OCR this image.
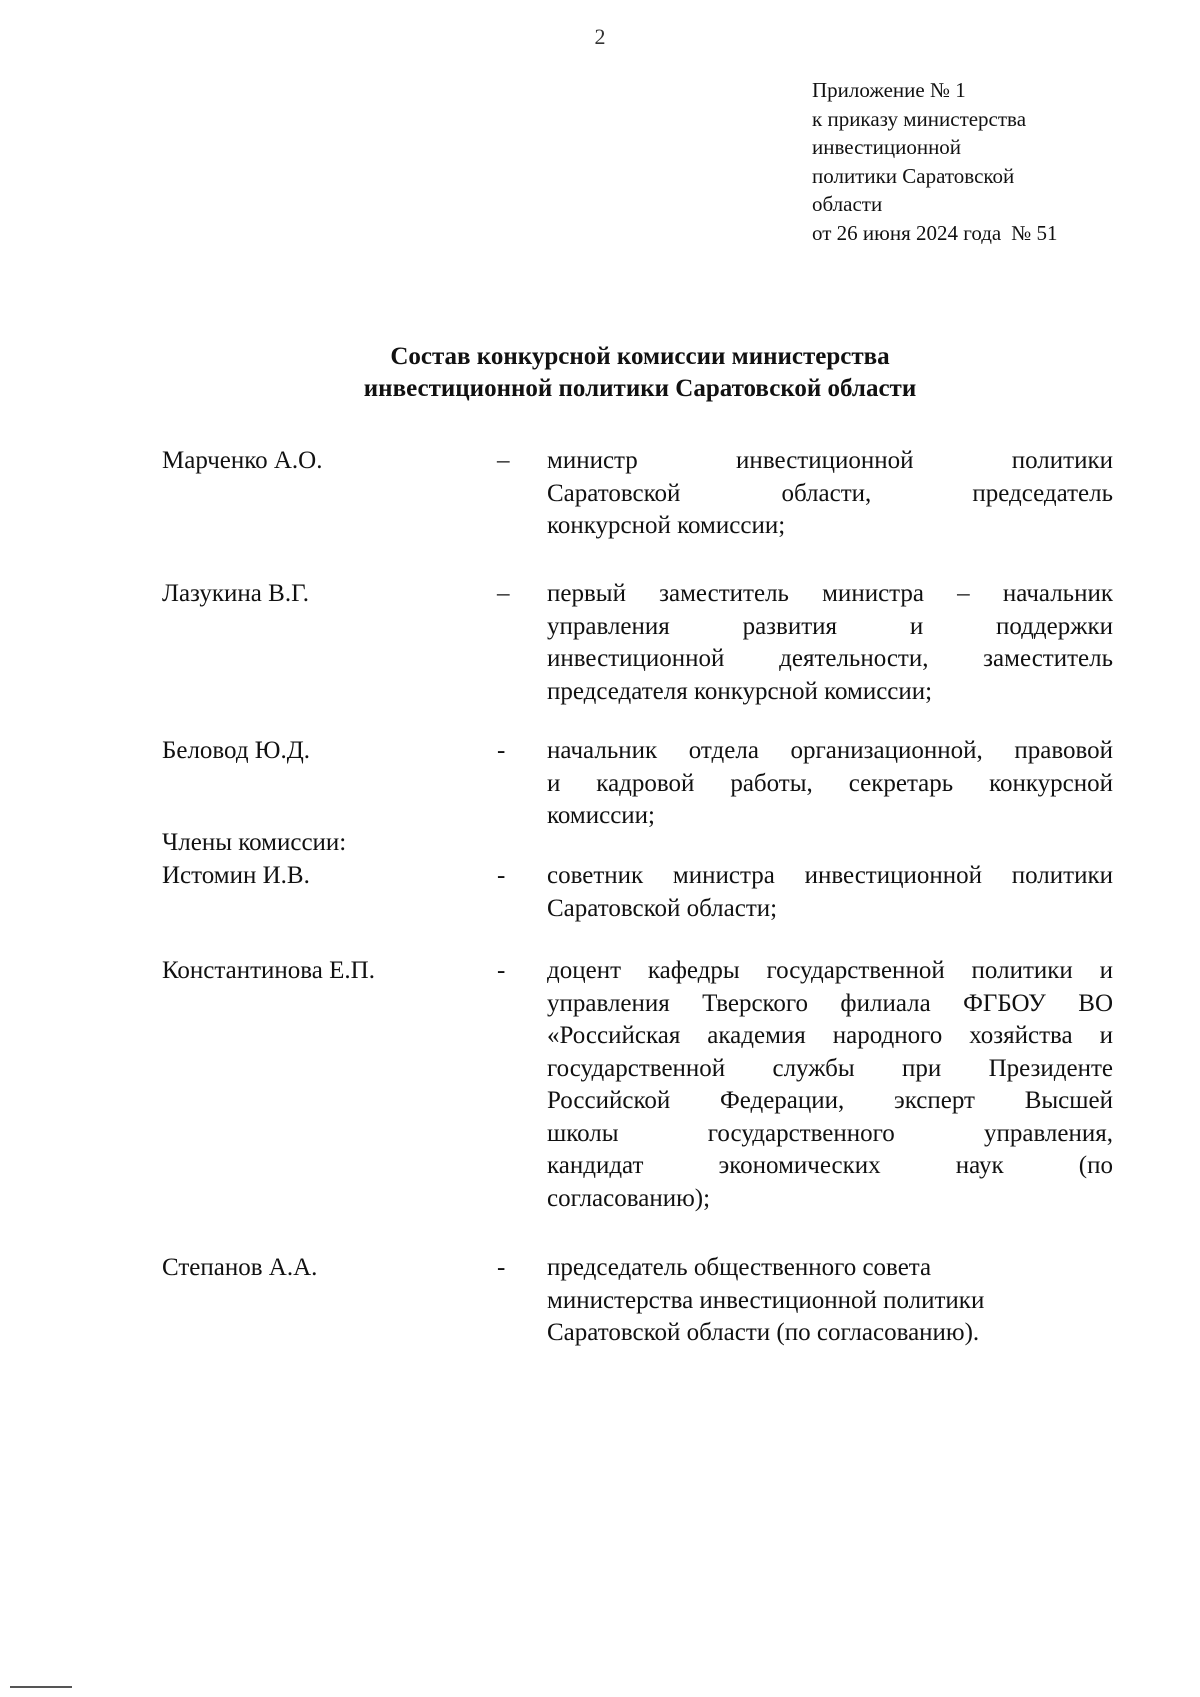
2
Приложение № 1
к приказу министерства
инвестиционной
политики Саратовской
области
от 26 июня 2024 года № 51
Состав конкурсной комиссии министерства
инвестиционной политики Саратовской области
Марченко А.О.	– министр инвестиционной политики
Саратовской области, председатель
конкурсной комиссии;
Лазукина В.Г.	– первый заместитель министра – начальник
управления развития и поддержки
инвестиционной деятельности, заместитель
председателя конкурсной комиссии;
Беловод Ю.Д.	- начальник отдела организационной, правовой
и кадровой работы, секретарь конкурсной
комиссии;
Члены комиссии:
Истомин И.В.	- советник министра инвестиционной политики
Саратовской области;
Константинова Е.П.	- доцент кафедры государственной политики и
управления Тверского филиала ФГБОУ ВО
«Российская академия народного хозяйства и
государственной службы при Президенте
Российской Федерации, эксперт Высшей
школы государственного управления,
кандидат экономических наук (по
согласованию);
Степанов А.А.	- председатель общественного совета
министерства инвестиционной политики
Саратовской области (по согласованию).
